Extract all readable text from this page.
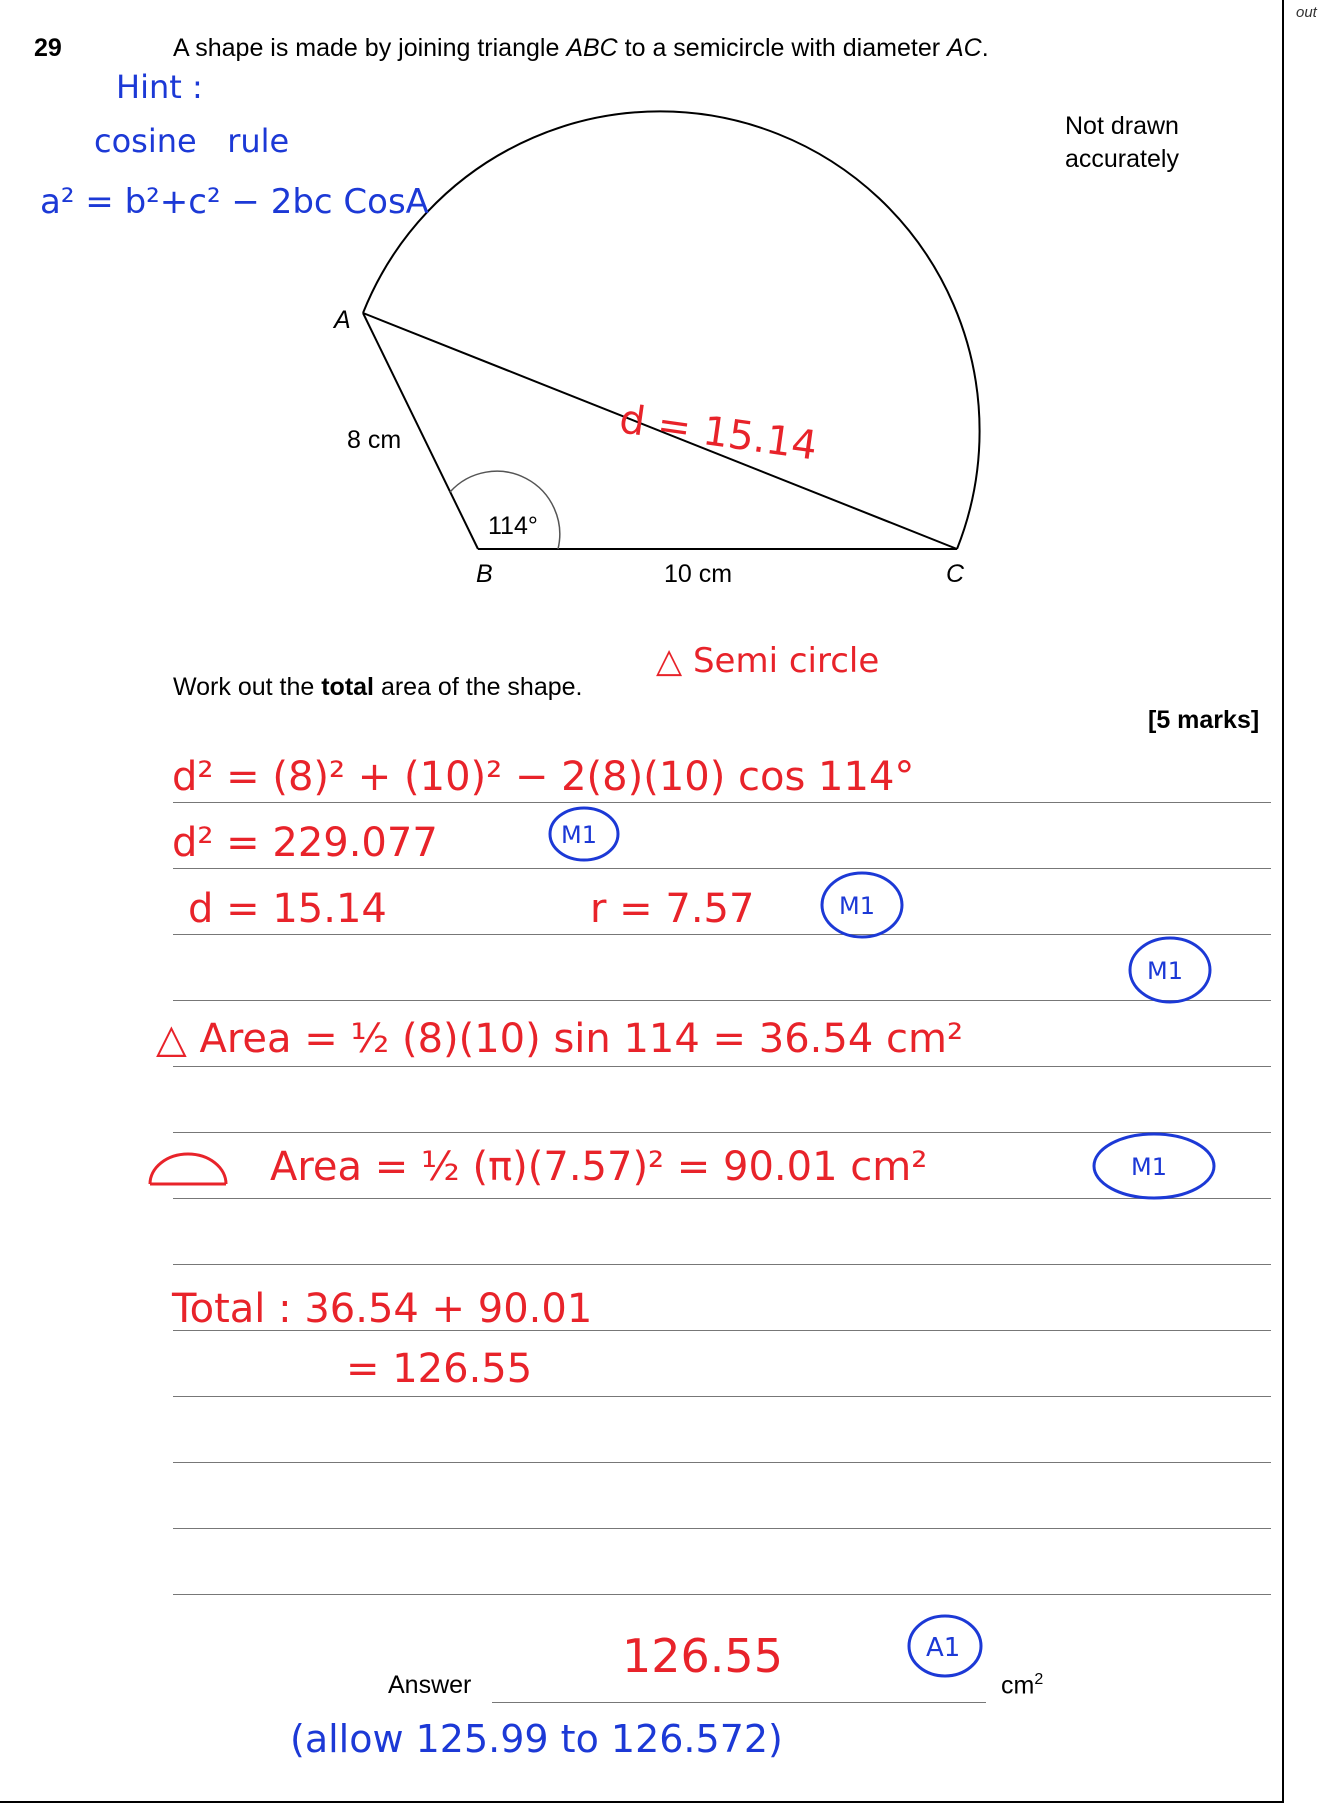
out
29	A shape is made by joining triangle ABC to a semicircle with diameter AC.
Not drawn
accurately
Work out the total area of the shape.
[5 marks]
Answer	$cm^2$
A
B	C
8 cm
10 cm
114°
Hint :
cosine   rule
a² = b²+c² − 2bc CosA
d = 15.14
△ Semi circle
d² = (8)² + (10)² − 2(8)(10) cos 114°
d² = 229.077
d = 15.14	r = 7.57
△ Area = ½ (8)(10) sin 114 = 36.54 cm²
Area = ½ (π)(7.57)² = 90.01 cm²
Total : 36.54 + 90.01
= 126.55
126.55
M1
M1
M1
M1
A1
(allow 125.99 to 126.572)
